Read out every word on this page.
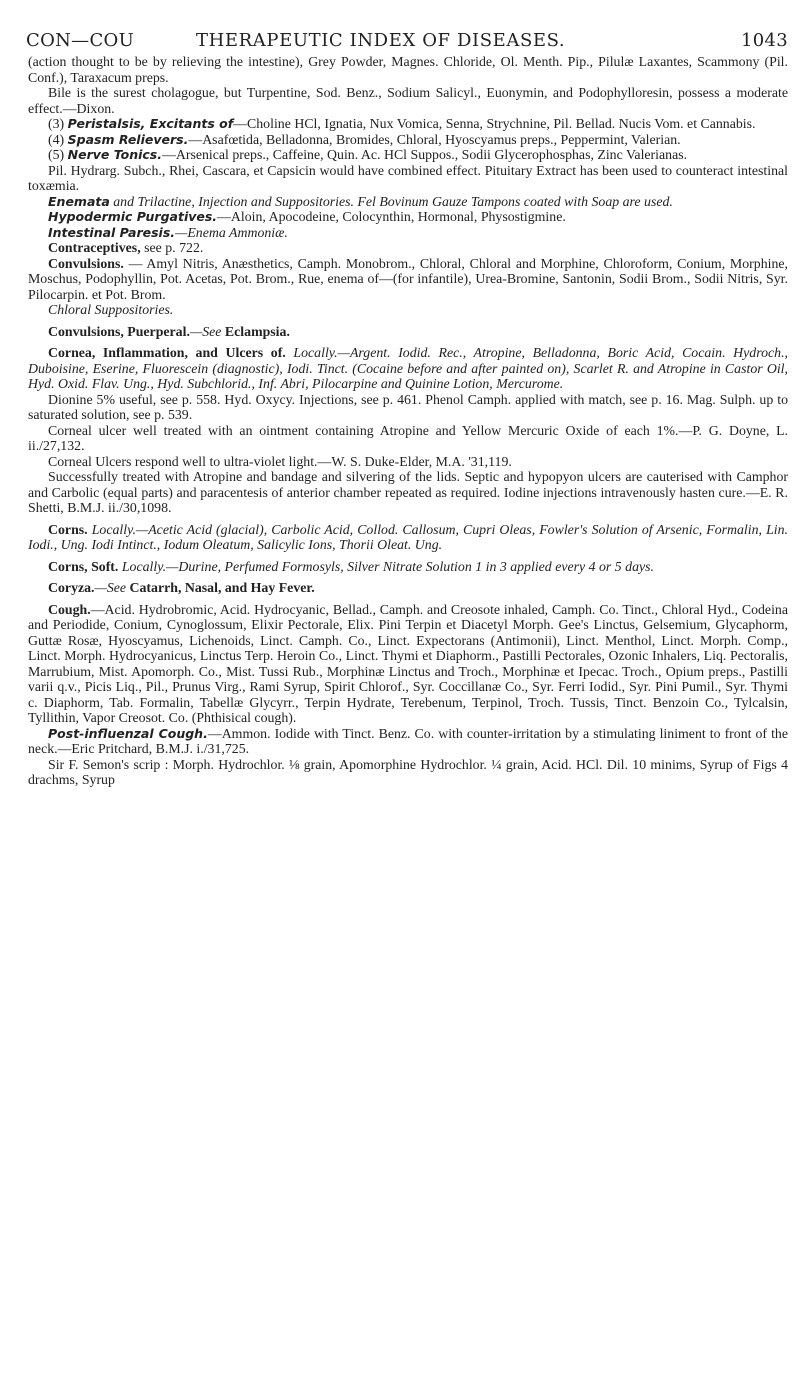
CON—COU	THERAPEUTIC INDEX OF DISEASES.	1043

(action thought to be by relieving the intestine), Grey Powder, Magnes. Chloride, Ol. Menth. Pip., Pilulæ Laxantes, Scammony (Pil. Conf.), Taraxacum preps.

Bile is the surest cholagogue, but Turpentine, Sod. Benz., Sodium Salicyl., Euonymin, and Podophylloresin, possess a moderate effect.—Dixon.

(3) Peristalsis, Excitants of—Choline HCl, Ignatia, Nux Vomica, Senna, Strychnine, Pil. Bellad. Nucis Vom. et Cannabis.

(4) Spasm Relievers.—Asafœtida, Belladonna, Bromides, Chloral, Hyoscyamus preps., Peppermint, Valerian.

(5) Nerve Tonics.—Arsenical preps., Caffeine, Quin. Ac. HCl Suppos., Sodii Glycerophosphas, Zinc Valerianas.

Pil. Hydrarg. Subch., Rhei, Cascara, et Capsicin would have combined effect. Pituitary Extract has been used to counteract intestinal toxæmia.

Enemata and Trilactine, Injection and Suppositories. Fel Bovinum Gauze Tampons coated with Soap are used.

Hypodermic Purgatives.—Aloin, Apocodeine, Colocynthin, Hormonal, Physostigmine.

Intestinal Paresis.—Enema Ammoniæ.

Contraceptives, see p. 722.

Convulsions. — Amyl Nitris, Anæsthetics, Camph. Monobrom., Chloral, Chloral and Morphine, Chloroform, Conium, Morphine, Moschus, Podophyllin, Pot. Acetas, Pot. Brom., Rue, enema of—(for infantile), Urea-Bromine, Santonin, Sodii Brom., Sodii Nitris, Syr. Pilocarpin. et Pot. Brom.

Chloral Suppositories.

Convulsions, Puerperal.—See Eclampsia.

Cornea, Inflammation, and Ulcers of. Locally.—Argent. Iodid. Rec., Atropine, Belladonna, Boric Acid, Cocain. Hydroch., Duboisine, Eserine, Fluorescein (diagnostic), Iodi. Tinct. (Cocaine before and after painted on), Scarlet R. and Atropine in Castor Oil, Hyd. Oxid. Flav. Ung., Hyd. Subchlorid., Inf. Abri, Pilocarpine and Quinine Lotion, Mercurome.

Dionine 5% useful, see p. 558. Hyd. Oxycy. Injections, see p. 461. Phenol Camph. applied with match, see p. 16. Mag. Sulph. up to saturated solution, see p. 539.

Corneal ulcer well treated with an ointment containing Atropine and Yellow Mercuric Oxide of each 1%.—P. G. Doyne, L. ii./27,132.

Corneal Ulcers respond well to ultra-violet light.—W. S. Duke-Elder, M.A. '31,119.

Successfully treated with Atropine and bandage and silvering of the lids. Septic and hypopyon ulcers are cauterised with Camphor and Carbolic (equal parts) and paracentesis of anterior chamber repeated as required. Iodine injections intravenously hasten cure.—E. R. Shetti, B.M.J. ii./30,1098.

Corns. Locally.—Acetic Acid (glacial), Carbolic Acid, Collod. Callosum, Cupri Oleas, Fowler's Solution of Arsenic, Formalin, Lin. Iodi., Ung. Iodi Intinct., Iodum Oleatum, Salicylic Ions, Thorii Oleat. Ung.

Corns, Soft. Locally.—Durine, Perfumed Formosyls, Silver Nitrate Solution 1 in 3 applied every 4 or 5 days.

Coryza.—See Catarrh, Nasal, and Hay Fever.

Cough.—Acid. Hydrobromic, Acid. Hydrocyanic, Bellad., Camph. and Creosote inhaled, Camph. Co. Tinct., Chloral Hyd., Codeina and Periodide, Conium, Cynoglossum, Elixir Pectorale, Elix. Pini Terpin et Diacetyl Morph. Gee's Linctus, Gelsemium, Glycaphorm, Guttæ Rosæ, Hyoscyamus, Lichenoids, Linct. Camph. Co., Linct. Expectorans (Antimonii), Linct. Menthol, Linct. Morph. Comp., Linct. Morph. Hydrocyanicus, Linctus Terp. Heroin Co., Linct. Thymi et Diaphorm., Pastilli Pectorales, Ozonic Inhalers, Liq. Pectoralis, Marrubium, Mist. Apomorph. Co., Mist. Tussi Rub., Morphinæ Linctus and Troch., Morphinæ et Ipecac. Troch., Opium preps., Pastilli varii q.v., Picis Liq., Pil., Prunus Virg., Rami Syrup, Spirit Chlorof., Syr. Coccillanæ Co., Syr. Ferri Iodid., Syr. Pini Pumil., Syr. Thymi c. Diaphorm, Tab. Formalin, Tabellæ Glycyrr., Terpin Hydrate, Terebenum, Terpinol, Troch. Tussis, Tinct. Benzoin Co., Tylcalsin, Tyllithin, Vapor Creosot. Co. (Phthisical cough).

Post-influenzal Cough.—Ammon. Iodide with Tinct. Benz. Co. with counter-irritation by a stimulating liniment to front of the neck.—Eric Pritchard, B.M.J. i./31,725.

Sir F. Semon's scrip : Morph. Hydrochlor. ⅛ grain, Apomorphine Hydrochlor. ¼ grain, Acid. HCl. Dil. 10 minims, Syrup of Figs 4 drachms, Syrup
